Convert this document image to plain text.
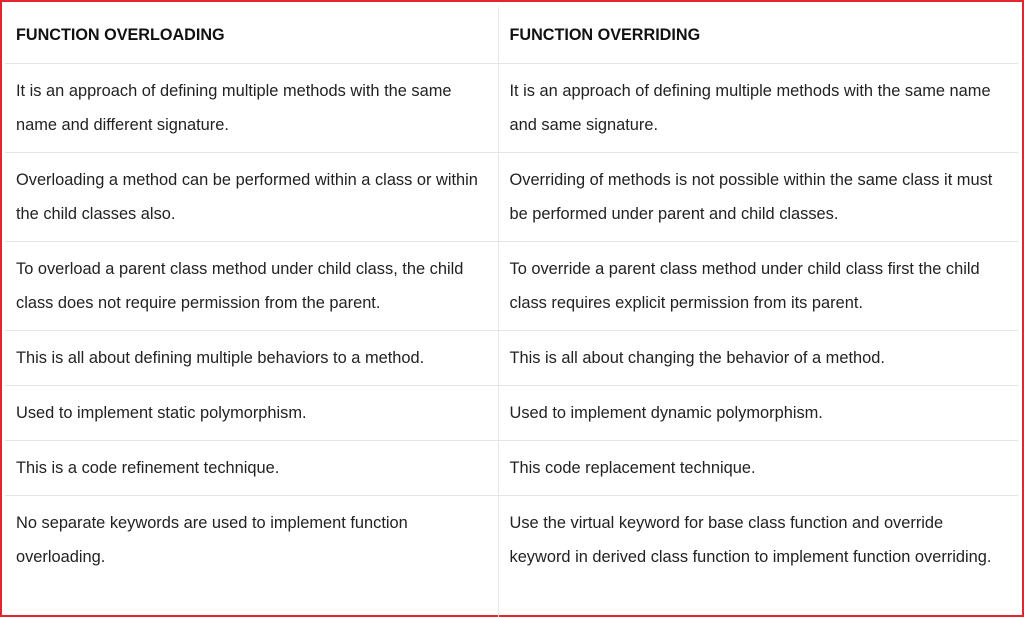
FUNCTION OVERLOADING	FUNCTION OVERRIDING
It is an approach of defining multiple methods with the same name and different signature.	It is an approach of defining multiple methods with the same name and same signature.
Overloading a method can be performed within a class or within the child classes also.	Overriding of methods is not possible within the same class it must be performed under parent and child classes.
To overload a parent class method under child class, the child class does not require permission from the parent.	To override a parent class method under child class first the child class requires explicit permission from its parent.
This is all about defining multiple behaviors to a method.	This is all about changing the behavior of a method.
Used to implement static polymorphism.	Used to implement dynamic polymorphism.
This is a code refinement technique.	This code replacement technique.
No separate keywords are used to implement function overloading.	Use the virtual keyword for base class function and override keyword in derived class function to implement function overriding.
